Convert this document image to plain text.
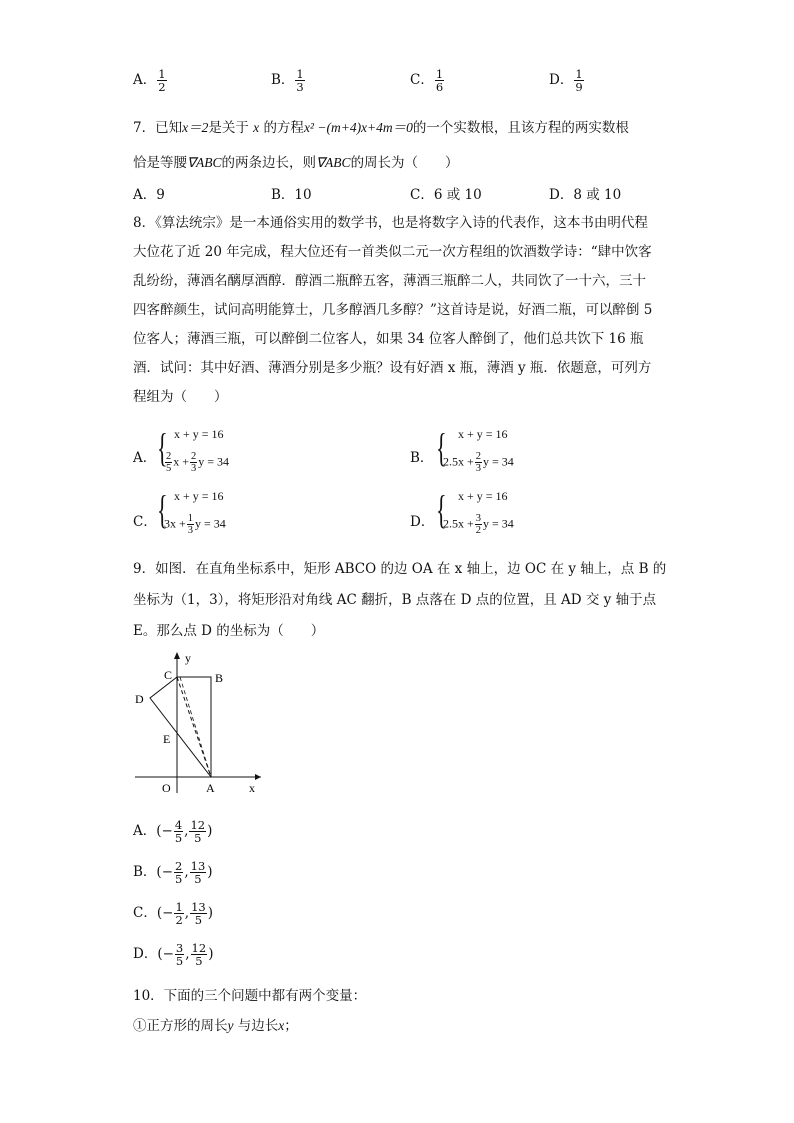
A． $\frac{1}{2}$	B． $\frac{1}{3}$	C． $\frac{1}{6}$	D． $\frac{1}{9}$
7．已知x＝2是关于 x 的方程x² −(m+4)x+4m＝0的一个实数根，且该方程的两实数根
恰是等腰∇ABC的两条边长，则∇ABC的周长为（　　）
A．9	B．10	C．6 或 10	D．8 或 10
8．《算法统宗》是一本通俗实用的数学书，也是将数字入诗的代表作，这本书由明代程
大位花了近 20 年完成，程大位还有一首类似二元一次方程组的饮酒数学诗：“肆中饮客
乱纷纷，薄酒名醨厚酒醇．醇酒二瓶醉五客，薄酒三瓶醉二人，共同饮了一十六，三十
四客醉颜生，试问高明能算士，几多醇酒几多醇？”这首诗是说，好酒二瓶，可以醉倒 5
位客人；薄酒三瓶，可以醉倒二位客人，如果 34 位客人醉倒了，他们总共饮下 16 瓶
酒．试问：其中好酒、薄酒分别是多少瓶？设有好酒 x 瓶，薄酒 y 瓶．依题意，可列方
程组为（　　）
A． { x + y = 16
$\frac{2}{5}$ $x + \frac{2}{3}$ y = 34	B． { x + y = 16
$2.5x + \frac{2}{3}$ y = 34
C． { x + y = 16
$3x + \frac{1}{3}$ y = 34	D． { x + y = 16
$2.5x + \frac{3}{2}$ y = 34
9．如图．在直角坐标系中，矩形 ABCO 的边 OA 在 x 轴上，边 OC 在 y 轴上，点 B 的
坐标为（1，3），将矩形沿对角线 AC 翻折，B 点落在 D 点的位置，且 AD 交 y 轴于点
E。那么点 D 的坐标为（　　）
y
x
C	B
D
E
O	A
A．(− $\frac{4}{5}$ , $\frac{12}{5}$ )
B．(− $\frac{2}{5}$ , $\frac{13}{5}$ )
C．(− $\frac{1}{2}$ , $\frac{13}{5}$ )
D．(− $\frac{3}{5}$ , $\frac{12}{5}$ )
10．下面的三个问题中都有两个变量：
①正方形的周长y 与边长x；
